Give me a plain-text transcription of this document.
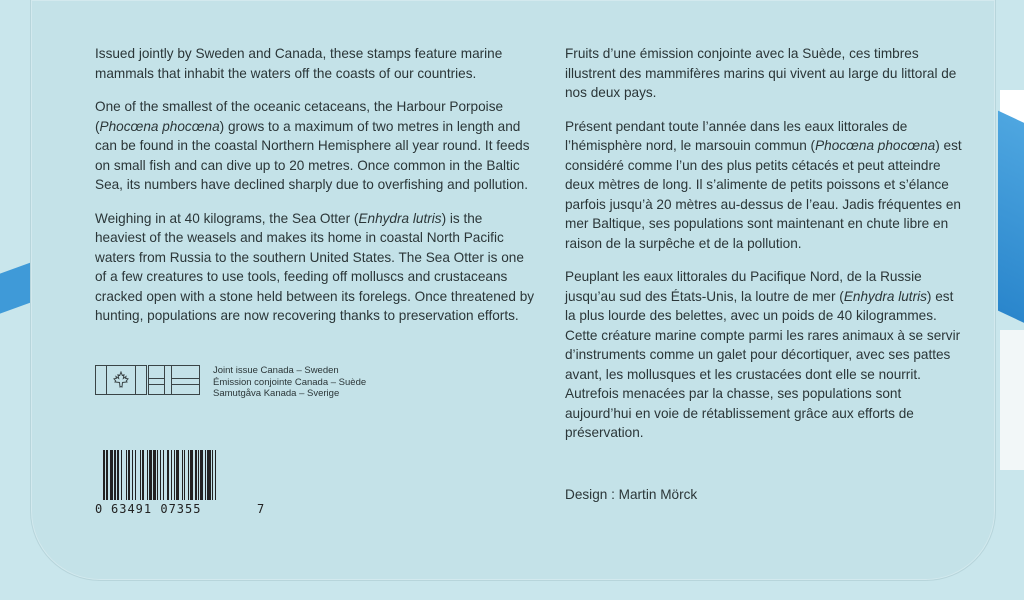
Issued jointly by Sweden and Canada, these stamps feature marine mammals that inhabit the waters off the coasts of our countries.

One of the smallest of the oceanic cetaceans, the Harbour Porpoise (Phocœna phocœna) grows to a maximum of two metres in length and can be found in the coastal Northern Hemisphere all year round. It feeds on small fish and can dive up to 20 metres. Once common in the Baltic Sea, its numbers have declined sharply due to overfishing and pollution.

Weighing in at 40 kilograms, the Sea Otter (Enhydra lutris) is the heaviest of the weasels and makes its home in coastal North Pacific waters from Russia to the southern United States. The Sea Otter is one of a few creatures to use tools, feeding off molluscs and crustaceans cracked open with a stone held between its forelegs. Once threatened by hunting, populations are now recovering thanks to preservation efforts.

Fruits d’une émission conjointe avec la Suède, ces timbres illustrent des mammifères marins qui vivent au large du littoral de nos deux pays.

Présent pendant toute l’année dans les eaux littorales de l’hémisphère nord, le marsouin commun (Phocœna phocœna) est considéré comme l’un des plus petits cétacés et peut atteindre deux mètres de long. Il s’alimente de petits poissons et s’élance parfois jusqu’à 20 mètres au-dessus de l’eau. Jadis fréquentes en mer Baltique, ses populations sont maintenant en chute libre en raison de la surpêche et de la pollution.

Peuplant les eaux littorales du Pacifique Nord, de la Russie jusqu’au sud des États-Unis, la loutre de mer (Enhydra lutris) est la plus lourde des belettes, avec un poids de 40 kilogrammes. Cette créature marine compte parmi les rares animaux à se servir d’instruments comme un galet pour décortiquer, avec ses pattes avant, les mollusques et les crustacées dont elle se nourrit. Autrefois menacées par la chasse, ses populations sont aujourd’hui en voie de rétablissement grâce aux efforts de préservation.

Joint issue Canada – Sweden
Émission conjointe Canada – Suède
Samutgåva Kanada – Sverige
0 63491 07355	7
Design : Martin Mörck
